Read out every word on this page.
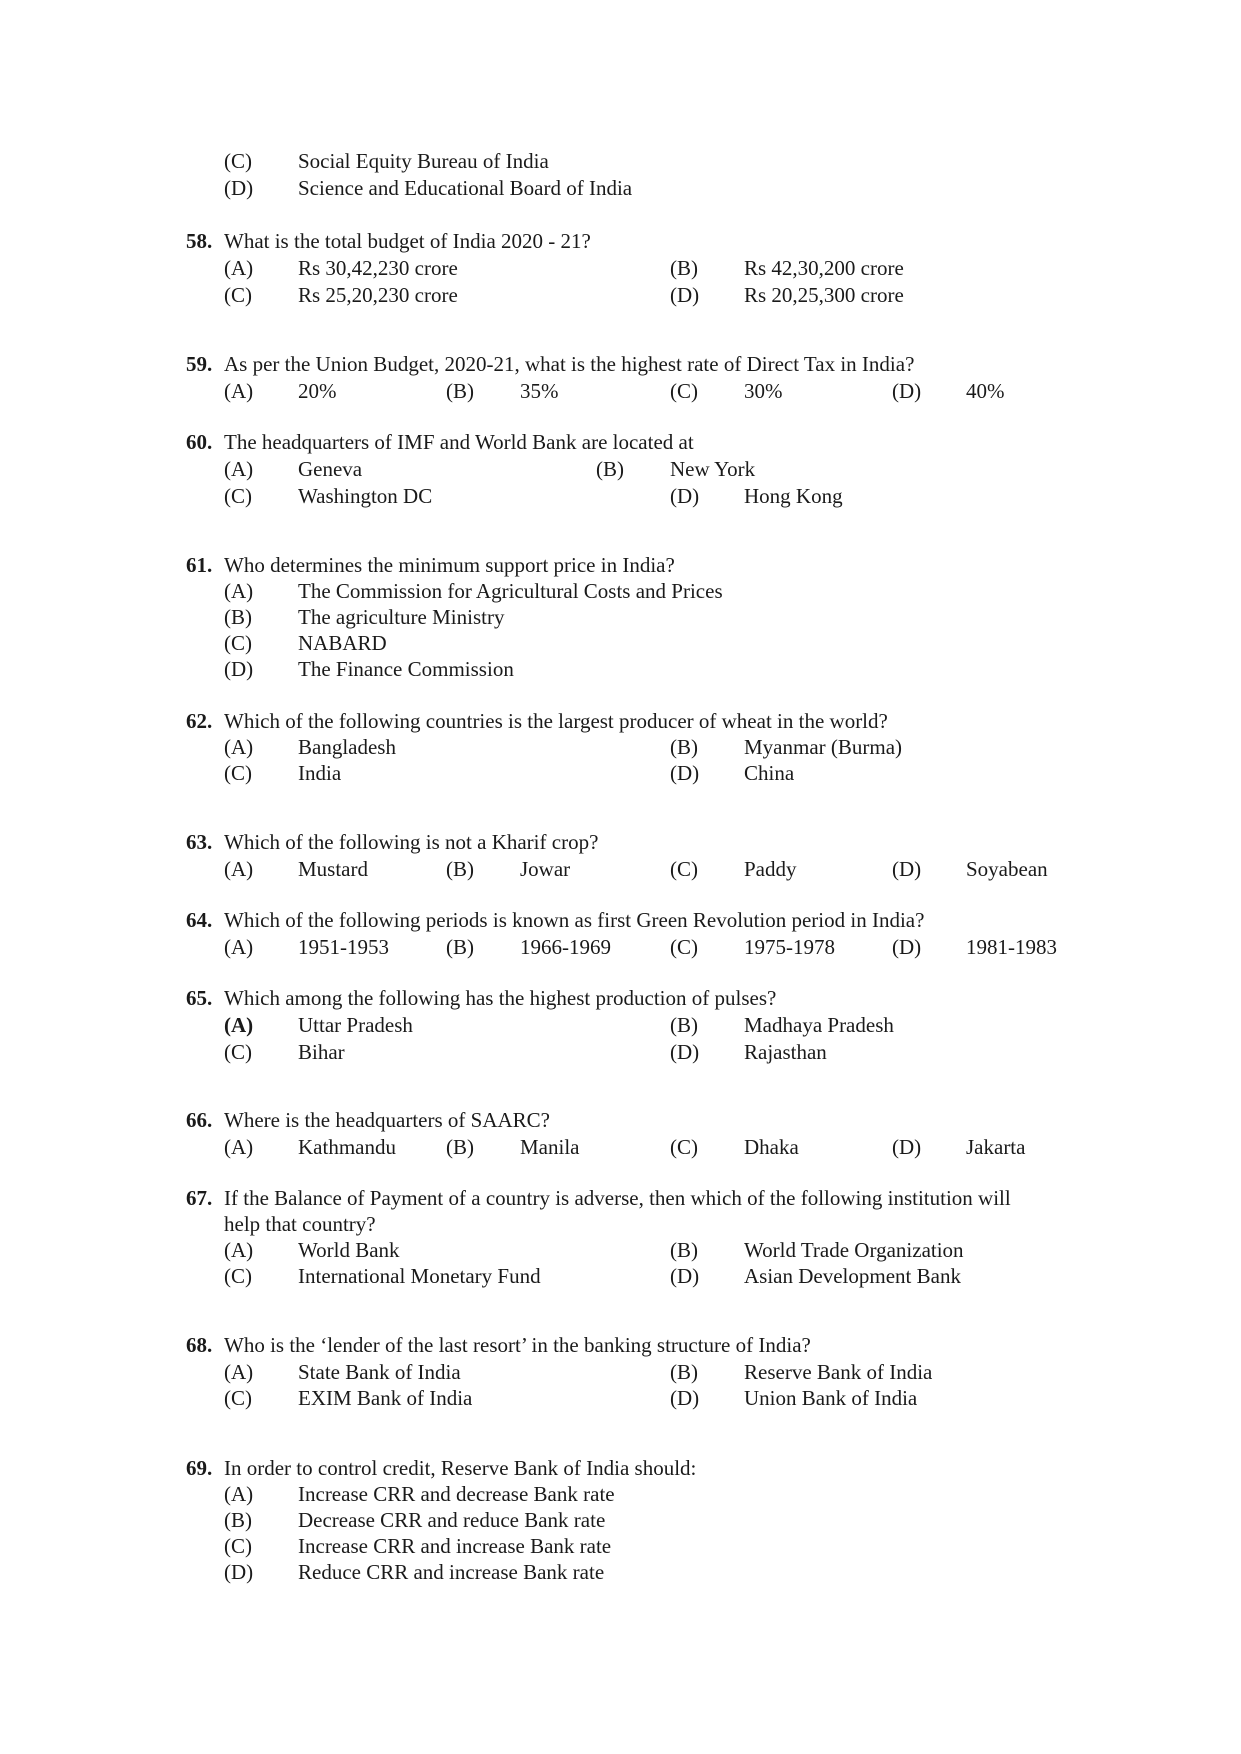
(C) Social Equity Bureau of India
(D) Science and Educational Board of India
58. What is the total budget of India 2020 - 21?
(A) Rs 30,42,230 crore	(B) Rs 42,30,200 crore
(C) Rs 25,20,230 crore	(D) Rs 20,25,300 crore
59. As per the Union Budget, 2020-21, what is the highest rate of Direct Tax in India?
(A) 20%	(B) 35%	(C) 30%	(D) 40%
60. The headquarters of IMF and World Bank are located at
(A) Geneva	(B) New York
(C) Washington DC	(D) Hong Kong
61. Who determines the minimum support price in India?
(A) The Commission for Agricultural Costs and Prices
(B) The agriculture Ministry
(C) NABARD
(D) The Finance Commission
62. Which of the following countries is the largest producer of wheat in the world?
(A) Bangladesh	(B) Myanmar (Burma)
(C) India	(D) China
63. Which of the following is not a Kharif crop?
(A) Mustard	(B) Jowar	(C) Paddy	(D) Soyabean
64. Which of the following periods is known as first Green Revolution period in India?
(A) 1951-1953	(B) 1966-1969	(C) 1975-1978	(D) 1981-1983
65. Which among the following has the highest production of pulses?
(A) Uttar Pradesh	(B) Madhaya Pradesh
(C) Bihar	(D) Rajasthan
66. Where is the headquarters of SAARC?
(A) Kathmandu (B) Manila	(C) Dhaka	(D) Jakarta
67. If the Balance of Payment of a country is adverse, then which of the following institution will
help that country?
(A) World Bank	(B) World Trade Organization
(C) International Monetary Fund	(D) Asian Development Bank
68. Who is the ‘lender of the last resort’ in the banking structure of India?
(A) State Bank of India	(B) Reserve Bank of India
(C) EXIM Bank of India	(D) Union Bank of India
69. In order to control credit, Reserve Bank of India should:
(A) Increase CRR and decrease Bank rate
(B) Decrease CRR and reduce Bank rate
(C) Increase CRR and increase Bank rate
(D) Reduce CRR and increase Bank rate
